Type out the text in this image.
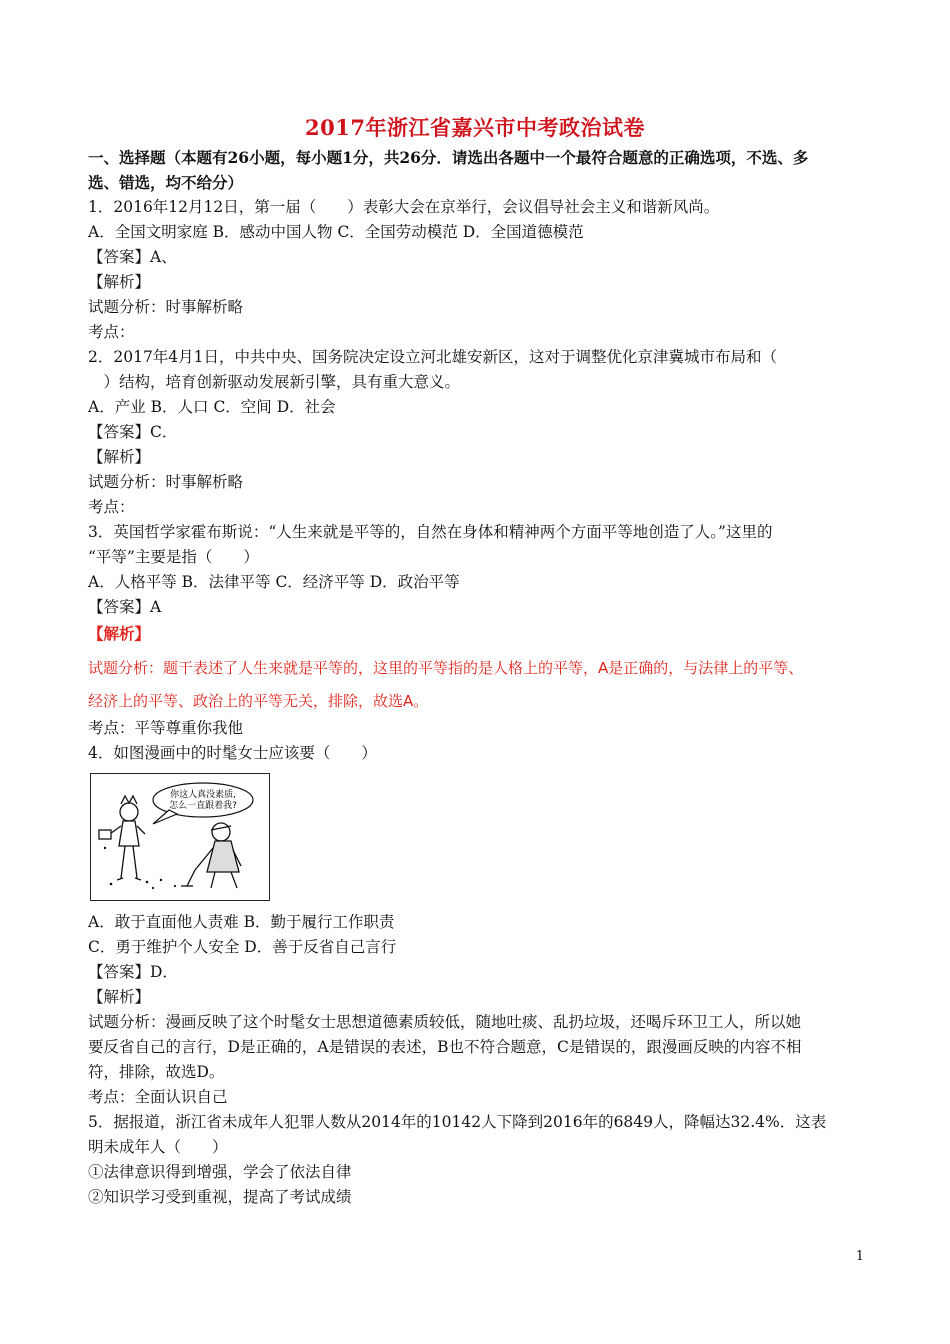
2017年浙江省嘉兴市中考政治试卷
一、选择题（本题有26小题，每小题1分，共26分．请选出各题中一个最符合题意的正确选项，不选、多
选、错选，均不给分）
1．2016年12月12日，第一届（　　）表彰大会在京举行，会议倡导社会主义和谐新风尚。
A．全国文明家庭 B．感动中国人物 C．全国劳动模范 D．全国道德模范
【答案】A、
【解析】
试题分析：时事解析略
考点：
2．2017年4月1日，中共中央、国务院决定设立河北雄安新区，这对于调整优化京津冀城市布局和（
　）结构，培育创新驱动发展新引擎，具有重大意义。
A．产业 B．人口 C．空间 D．社会
【答案】C．
【解析】
试题分析：时事解析略
考点：
3．英国哲学家霍布斯说：“人生来就是平等的，自然在身体和精神两个方面平等地创造了人。”这里的
“平等”主要是指（　　）
A．人格平等 B．法律平等 C．经济平等 D．政治平等
【答案】A
【解析】
试题分析：题干表述了人生来就是平等的，这里的平等指的是人格上的平等，A是正确的，与法律上的平等、
经济上的平等、政治上的平等无关，排除，故选A。
考点：平等尊重你我他
4．如图漫画中的时髦女士应该要（　　）
你这人真没素质,
怎么一直跟着我?
A．敢于直面他人责难 B．勤于履行工作职责
C．勇于维护个人安全 D．善于反省自己言行
【答案】D．
【解析】
试题分析：漫画反映了这个时髦女士思想道德素质较低，随地吐痰、乱扔垃圾，还喝斥环卫工人，所以她
要反省自己的言行，D是正确的，A是错误的表述，B也不符合题意，C是错误的，跟漫画反映的内容不相
符，排除，故选D。
考点：全面认识自己
5．据报道，浙江省未成年人犯罪人数从2014年的10142人下降到2016年的6849人，降幅达32.4%．这表
明未成年人（　　）
①法律意识得到增强，学会了依法自律
②知识学习受到重视，提高了考试成绩
1
